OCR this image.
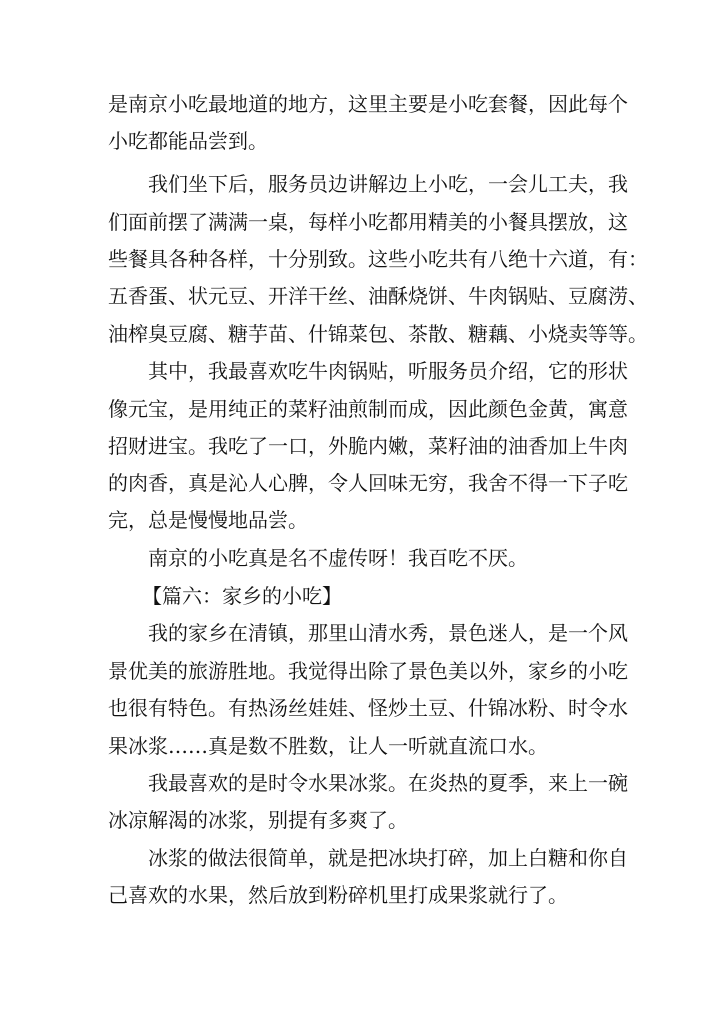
是南京小吃最地道的地方，这里主要是小吃套餐，因此每个

小吃都能品尝到。

我们坐下后，服务员边讲解边上小吃，一会儿工夫，我

们面前摆了满满一桌，每样小吃都用精美的小餐具摆放，这

些餐具各种各样，十分别致。这些小吃共有八绝十六道，有：

五香蛋、状元豆、开洋干丝、油酥烧饼、牛肉锅贴、豆腐涝、

油榨臭豆腐、糖芋苗、什锦菜包、茶散、糖藕、小烧卖等等。

其中，我最喜欢吃牛肉锅贴，听服务员介绍，它的形状

像元宝，是用纯正的菜籽油煎制而成，因此颜色金黄，寓意

招财进宝。我吃了一口，外脆内嫩，菜籽油的油香加上牛肉

的肉香，真是沁人心脾，令人回味无穷，我舍不得一下子吃

完，总是慢慢地品尝。

南京的小吃真是名不虚传呀！我百吃不厌。

【篇六：家乡的小吃】

我的家乡在清镇，那里山清水秀，景色迷人，是一个风

景优美的旅游胜地。我觉得出除了景色美以外，家乡的小吃

也很有特色。有热汤丝娃娃、怪炒土豆、什锦冰粉、时令水

果冰浆……真是数不胜数，让人一听就直流口水。

我最喜欢的是时令水果冰浆。在炎热的夏季，来上一碗

冰凉解渴的冰浆，别提有多爽了。

冰浆的做法很简单，就是把冰块打碎，加上白糖和你自

己喜欢的水果，然后放到粉碎机里打成果浆就行了。
